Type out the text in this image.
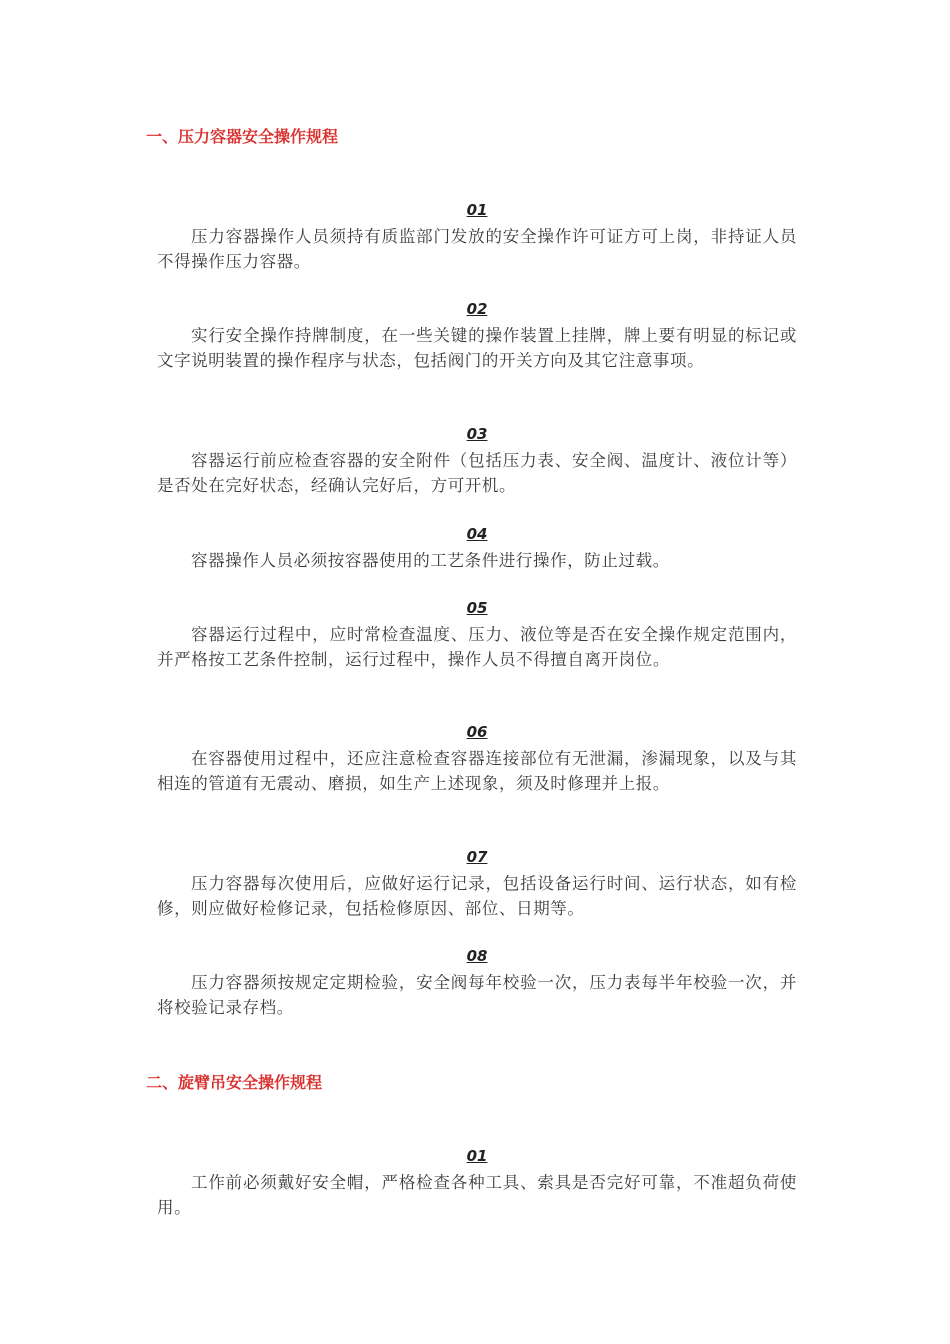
一、压力容器安全操作规程
01

压力容器操作人员须持有质监部门发放的安全操作许可证方可上岗，非持证人员不得操作压力容器。

02

实行安全操作持牌制度，在一些关键的操作装置上挂牌，牌上要有明显的标记或文字说明装置的操作程序与状态，包括阀门的开关方向及其它注意事项。

03

容器运行前应检查容器的安全附件（包括压力表、安全阀、温度计、液位计等）是否处在完好状态，经确认完好后，方可开机。

04

容器操作人员必须按容器使用的工艺条件进行操作，防止过载。

05

容器运行过程中，应时常检查温度、压力、液位等是否在安全操作规定范围内，并严格按工艺条件控制，运行过程中，操作人员不得擅自离开岗位。

06

在容器使用过程中，还应注意检查容器连接部位有无泄漏，渗漏现象，以及与其相连的管道有无震动、磨损，如生产上述现象，须及时修理并上报。

07

压力容器每次使用后，应做好运行记录，包括设备运行时间、运行状态，如有检修，则应做好检修记录，包括检修原因、部位、日期等。

08

压力容器须按规定定期检验，安全阀每年校验一次，压力表每半年校验一次，并将校验记录存档。

二、旋臂吊安全操作规程
01

工作前必须戴好安全帽，严格检查各种工具、索具是否完好可靠，不准超负荷使用。
